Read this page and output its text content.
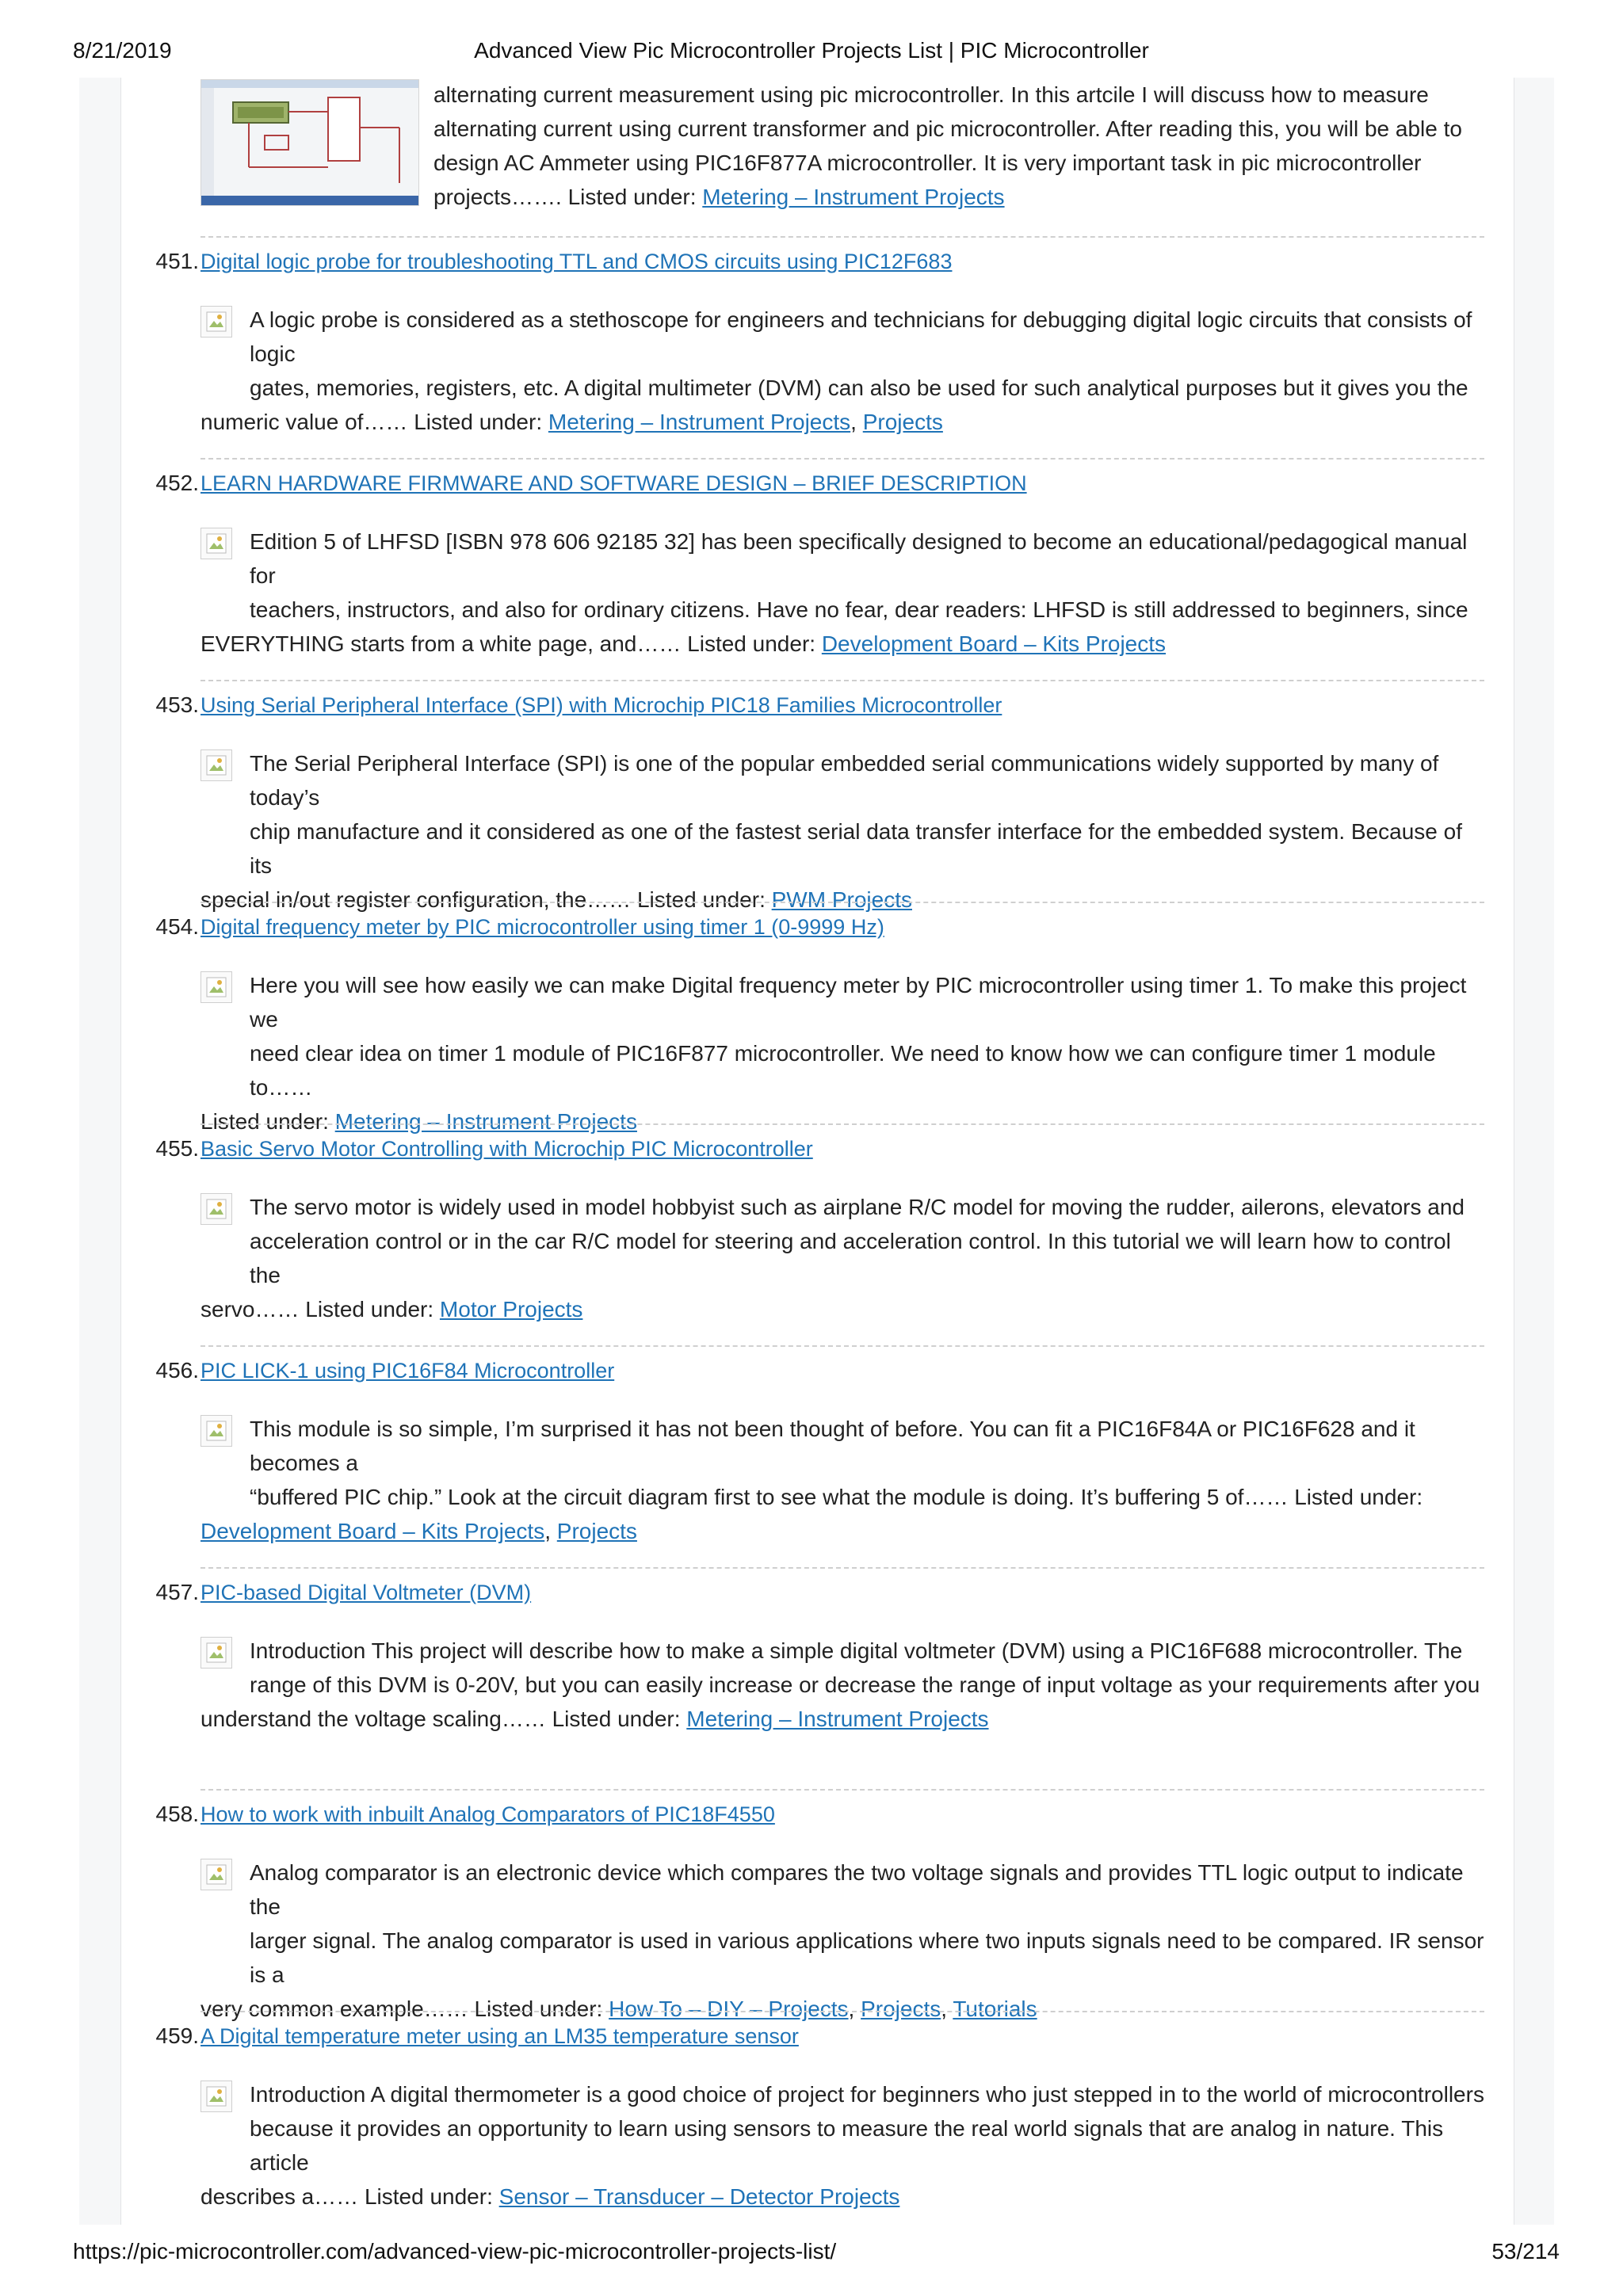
8/21/2019	Advanced View Pic Microcontroller Projects List | PIC Microcontroller
alternating current measurement using pic microcontroller. In this artcile I will discuss how to measure
alternating current using current transformer and pic microcontroller. After reading this, you will be able to
design AC Ammeter using PIC16F877A microcontroller. It is very important task in pic microcontroller
projects……. Listed under: Metering – Instrument Projects
451. Digital logic probe for troubleshooting TTL and CMOS circuits using PIC12F683

A logic probe is considered as a stethoscope for engineers and technicians for debugging digital logic circuits that consists of logic

gates, memories, registers, etc. A digital multimeter (DVM) can also be used for such analytical purposes but it gives you the

numeric value of…… Listed under: Metering – Instrument Projects, Projects

452. LEARN HARDWARE FIRMWARE AND SOFTWARE DESIGN – BRIEF DESCRIPTION

Edition 5 of LHFSD [ISBN 978 606 92185 32] has been specifically designed to become an educational/pedagogical manual for

teachers, instructors, and also for ordinary citizens. Have no fear, dear readers: LHFSD is still addressed to beginners, since

EVERYTHING starts from a white page, and…… Listed under: Development Board – Kits Projects

453. Using Serial Peripheral Interface (SPI) with Microchip PIC18 Families Microcontroller

The Serial Peripheral Interface (SPI) is one of the popular embedded serial communications widely supported by many of today’s

chip manufacture and it considered as one of the fastest serial data transfer interface for the embedded system. Because of its

special in/out register configuration, the…… Listed under: PWM Projects

454. Digital frequency meter by PIC microcontroller using timer 1 (0-9999 Hz)

Here you will see how easily we can make Digital frequency meter by PIC microcontroller using timer 1. To make this project we

need clear idea on timer 1 module of PIC16F877 microcontroller. We need to know how we can configure timer 1 module to……

Listed under: Metering – Instrument Projects

455. Basic Servo Motor Controlling with Microchip PIC Microcontroller

The servo motor is widely used in model hobbyist such as airplane R/C model for moving the rudder, ailerons, elevators and

acceleration control or in the car R/C model for steering and acceleration control. In this tutorial we will learn how to control the

servo…… Listed under: Motor Projects

456. PIC LICK-1 using PIC16F84 Microcontroller

This module is so simple, I’m surprised it has not been thought of before. You can fit a PIC16F84A or PIC16F628 and it becomes a

“buffered PIC chip.” Look at the circuit diagram first to see what the module is doing. It’s buffering 5 of…… Listed under:

Development Board – Kits Projects, Projects

457. PIC-based Digital Voltmeter (DVM)

Introduction This project will describe how to make a simple digital voltmeter (DVM) using a PIC16F688 microcontroller. The

range of this DVM is 0-20V, but you can easily increase or decrease the range of input voltage as your requirements after you

understand the voltage scaling…… Listed under: Metering – Instrument Projects

458. How to work with inbuilt Analog Comparators of PIC18F4550

Analog comparator is an electronic device which compares the two voltage signals and provides TTL logic output to indicate the

larger signal. The analog comparator is used in various applications where two inputs signals need to be compared. IR sensor is a

very common example…… Listed under: How To – DIY – Projects, Projects, Tutorials

459. A Digital temperature meter using an LM35 temperature sensor

Introduction A digital thermometer is a good choice of project for beginners who just stepped in to the world of microcontrollers

because it provides an opportunity to learn using sensors to measure the real world signals that are analog in nature. This article

describes a…… Listed under: Sensor – Transducer – Detector Projects

https://pic-microcontroller.com/advanced-view-pic-microcontroller-projects-list/	53/214
